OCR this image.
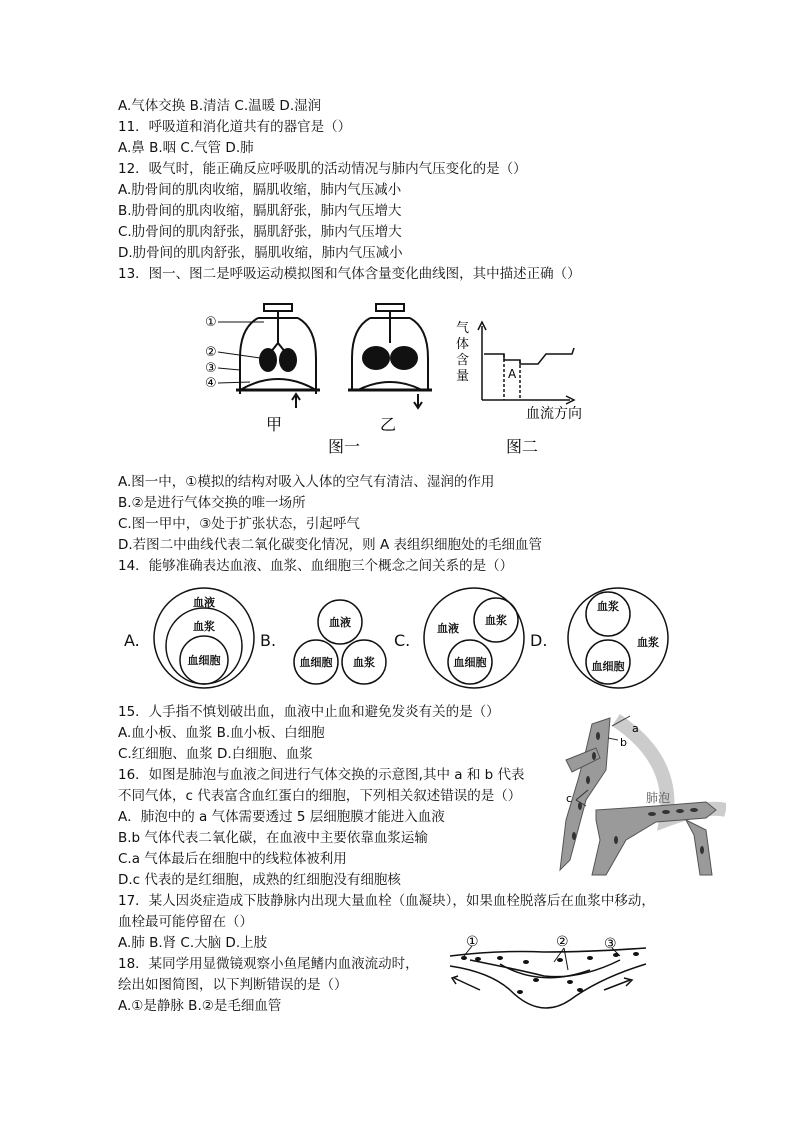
A.气体交换 B.清洁 C.温暖 D.湿润
11．呼吸道和消化道共有的器官是（）
A.鼻 B.咽 C.气管 D.肺
12．吸气时，能正确反应呼吸肌的活动情况与肺内气压变化的是（）
A.肋骨间的肌肉收缩，膈肌收缩，肺内气压减小
B.肋骨间的肌肉收缩，膈肌舒张，肺内气压增大
C.肋骨间的肌肉舒张，膈肌舒张，肺内气压增大
D.肋骨间的肌肉舒张，膈肌收缩，肺内气压减小
13．图一、图二是呼吸运动模拟图和气体含量变化曲线图，其中描述正确（）
①
②
③
④
甲	乙
图一
气
体
含
量	A
血流方向
图二
A.图一中，①模拟的结构对吸入人体的空气有清洁、湿润的作用
B.②是进行气体交换的唯一场所
C.图一甲中，③处于扩张状态，引起呼气
D.若图二中曲线代表二氧化碳变化情况，则 A 表组织细胞处的毛细血管
14．能够准确表达血液、血浆、血细胞三个概念之间关系的是（）
A.	B.	C.	D.
血液
血浆
血细胞
血液
血细胞 血浆
血液
血浆
血细胞
血浆
血浆
血细胞
15．人手指不慎划破出血，血液中止血和避免发炎有关的是（）
A.血小板、血浆 B.血小板、白细胞
C.红细胞、血浆 D.白细胞、血浆
16．如图是肺泡与血液之间进行气体交换的示意图,其中 a 和 b 代表
不同气体，c 代表富含血红蛋白的细胞，下列相关叙述错误的是（）
A．肺泡中的 a 气体需要透过 5 层细胞膜才能进入血液
B.b 气体代表二氧化碳，在血液中主要依靠血浆运输
C.a 气体最后在细胞中的线粒体被利用
D.c 代表的是红细胞，成熟的红细胞没有细胞核
a
b
c	肺泡
17．某人因炎症造成下肢静脉内出现大量血栓（血凝块），如果血栓脱落后在血浆中移动，
血栓最可能停留在（）
A.肺 B.肾 C.大脑 D.上肢
18．某同学用显微镜观察小鱼尾鳍内血液流动时，
绘出如图简图，以下判断错误的是（）
A.①是静脉 B.②是毛细血管
①	②	③
